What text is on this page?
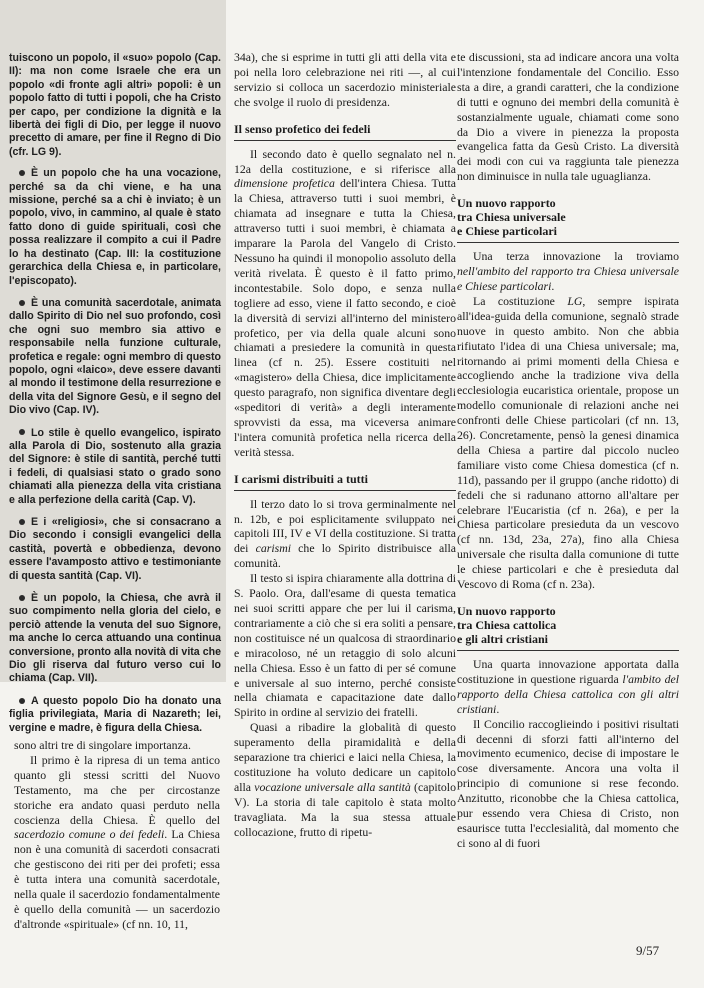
tuiscono un popolo, il «suo» popolo (Cap. II): ma non come Israele che era un popolo «di fronte agli altri» popoli: è un popolo fatto di tutti i popoli, che ha Cristo per capo, per condizione la dignità e la libertà dei figli di Dio, per legge il nuovo precetto di amare, per fine il Regno di Dio (cfr. LG 9).

È un popolo che ha una vocazione, perché sa da chi viene, e ha una missione, perché sa a chi è inviato; è un popolo, vivo, in cammino, al quale è stato fatto dono di guide spirituali, così che possa realizzare il compito a cui il Padre lo ha destinato (Cap. III: la costituzione gerarchica della Chiesa e, in particolare, l'episcopato).

È una comunità sacerdotale, animata dallo Spirito di Dio nel suo profondo, così che ogni suo membro sia attivo e responsabile nella funzione culturale, profetica e regale: ogni membro di questo popolo, ogni «laico», deve essere davanti al mondo il testimone della resurrezione e della vita del Signore Gesù, e il segno del Dio vivo (Cap. IV).

Lo stile è quello evangelico, ispirato alla Parola di Dio, sostenuto alla grazia del Signore: è stile di santità, perché tutti i fedeli, di qualsiasi stato o grado sono chiamati alla pienezza della vita cristiana e alla perfezione della carità (Cap. V).

E i «religiosi», che si consacrano a Dio secondo i consigli evangelici della castità, povertà e obbedienza, devono essere l'avamposto attivo e testimoniante di questa santità (Cap. VI).

È un popolo, la Chiesa, che avrà il suo compimento nella gloria del cielo, e perciò attende la venuta del suo Signore, ma anche lo cerca attuando una continua conversione, pronto alla novità di vita che Dio gli riserva dal futuro verso cui lo chiama (Cap. VII).

A questo popolo Dio ha donato una figlia privilegiata, Maria di Nazareth; lei, vergine e madre, è figura della Chiesa.

sono altri tre di singolare importanza.

Il primo è la ripresa di un tema antico quanto gli stessi scritti del Nuovo Testamento, ma che per circostanze storiche era andato quasi perduto nella coscienza della Chiesa. È quello del sacerdozio comune o dei fedeli. La Chiesa non è una comunità di sacerdoti consacrati che gestiscono dei riti per dei profeti; essa è tutta intera una comunità sacerdotale, nella quale il sacerdozio fondamentalmente è quello della comunità — un sacerdozio d'altronde «spirituale» (cf nn. 10, 11,

34a), che si esprime in tutti gli atti della vita e poi nella loro celebrazione nei riti —, al cui servizio si colloca un sacerdozio ministeriale che svolge il ruolo di presidenza.

Il senso profetico dei fedeli

Il secondo dato è quello segnalato nel n. 12a della costituzione, e si riferisce alla dimensione profetica dell'intera Chiesa. Tutta la Chiesa, attraverso tutti i suoi membri, è chiamata ad insegnare e tutta la Chiesa, attraverso tutti i suoi membri, è chiamata a imparare la Parola del Vangelo di Cristo. Nessuno ha quindi il monopolio assoluto della verità rivelata. È questo è il fatto primo, incontestabile. Solo dopo, e senza nulla togliere ad esso, viene il fatto secondo, e cioè la diversità di servizi all'interno del ministero profetico, per via della quale alcuni sono chiamati a presiedere la comunità in questa linea (cf n. 25). Essere costituiti nel «magistero» della Chiesa, dice implicitamente questo paragrafo, non significa diventare degli «speditori di verità» a degli interamente sprovvisti da essa, ma viceversa animare l'intera comunità profetica nella ricerca della verità stessa.

I carismi distribuiti a tutti

Il terzo dato lo si trova germinalmente nel n. 12b, e poi esplicitamente sviluppato nei capitoli III, IV e VI della costituzione. Si tratta dei carismi che lo Spirito distribuisce alla comunità.

Il testo si ispira chiaramente alla dottrina di S. Paolo. Ora, dall'esame di questa tematica nei suoi scritti appare che per lui il carisma, contrariamente a ciò che si era soliti a pensare, non costituisce né un qualcosa di straordinario e miracoloso, né un retaggio di solo alcuni nella Chiesa. Esso è un fatto di per sé comune e universale al suo interno, perché consiste nella chiamata e capacitazione date dallo Spirito in ordine al servizio dei fratelli.

Quasi a ribadire la globalità di questo superamento della piramidalità e della separazione tra chierici e laici nella Chiesa, la costituzione ha voluto dedicare un capitolo alla vocazione universale alla santità (capitolo V). La storia di tale capitolo è stata molto travagliata. Ma la sua stessa attuale collocazione, frutto di ripetu-

te discussioni, sta ad indicare ancora una volta l'intenzione fondamentale del Concilio. Esso sta a dire, a grandi caratteri, che la condizione di tutti e ognuno dei membri della comunità è sostanzialmente uguale, chiamati come sono da Dio a vivere in pienezza la proposta evangelica fatta da Gesù Cristo. La diversità dei modi con cui va raggiunta tale pienezza non diminuisce in nulla tale uguaglianza.

Un nuovo rapporto
tra Chiesa universale
e Chiese particolari

Una terza innovazione la troviamo nell'ambito del rapporto tra Chiesa universale e Chiese particolari.

La costituzione LG, sempre ispirata all'idea-guida della comunione, segnalò strade nuove in questo ambito. Non che abbia rifiutato l'idea di una Chiesa universale; ma, ritornando ai primi momenti della Chiesa e accogliendo anche la tradizione viva della ecclesiologia eucaristica orientale, propose un modello comunionale di relazioni anche nei confronti delle Chiese particolari (cf nn. 13, 26). Concretamente, pensò la genesi dinamica della Chiesa a partire dal piccolo nucleo familiare visto come Chiesa domestica (cf n. 11d), passando per il gruppo (anche ridotto) di fedeli che si radunano attorno all'altare per celebrare l'Eucaristia (cf n. 26a), e per la Chiesa particolare presieduta da un vescovo (cf nn. 13d, 23a, 27a), fino alla Chiesa universale che risulta dalla comunione di tutte le chiese particolari e che è presieduta dal Vescovo di Roma (cf n. 23a).

Un nuovo rapporto
tra Chiesa cattolica
e gli altri cristiani

Una quarta innovazione apportata dalla costituzione in questione riguarda l'ambito del rapporto della Chiesa cattolica con gli altri cristiani.

Il Concilio raccoglieindo i positivi risultati di decenni di sforzi fatti all'interno del movimento ecumenico, decise di impostare le cose diversamente. Ancora una volta il principio di comunione si rese fecondo. Anzitutto, riconobbe che la Chiesa cattolica, pur essendo vera Chiesa di Cristo, non esaurisce tutta l'ecclesialità, dal momento che ci sono al di fuori

9/57
